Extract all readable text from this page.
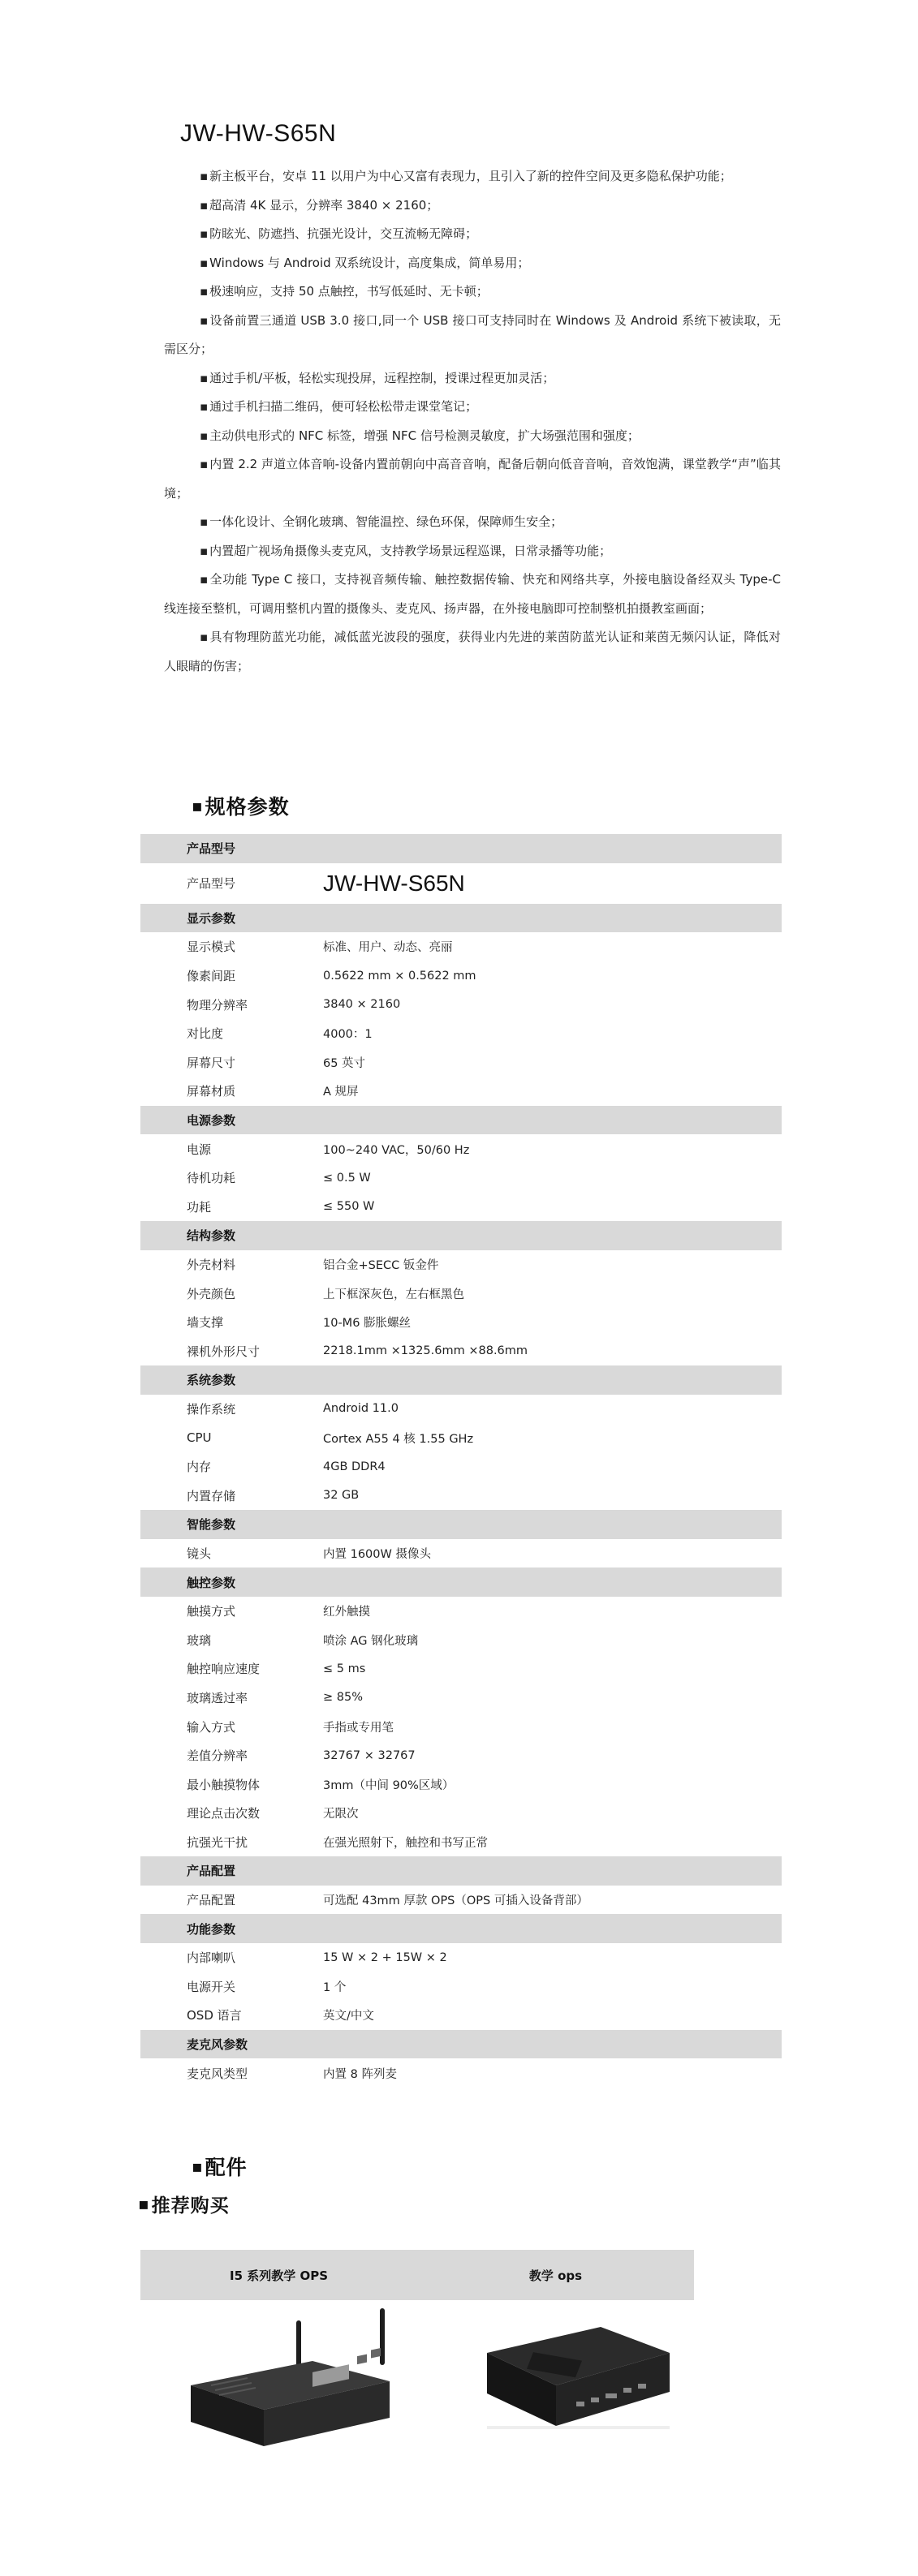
JW-HW-S65N

▪ 新主板平台，安卓 11 以用户为中心又富有表现力，且引入了新的控件空间及更多隐私保护功能；

▪ 超高清 4K 显示，分辨率 3840 × 2160；

▪ 防眩光、防遮挡、抗强光设计，交互流畅无障碍；

▪ Windows 与 Android 双系统设计，高度集成，简单易用；

▪ 极速响应，支持 50 点触控，书写低延时、无卡顿；

▪ 设备前置三通道 USB 3.0 接口,同一个 USB 接口可支持同时在 Windows 及 Android 系统下被读取，无需区分；

▪ 通过手机/平板，轻松实现投屏，远程控制，授课过程更加灵活；

▪ 通过手机扫描二维码，便可轻松松带走课堂笔记；

▪ 主动供电形式的 NFC 标签，增强 NFC 信号检测灵敏度，扩大场强范围和强度；

▪ 内置 2.2 声道立体音响-设备内置前朝向中高音音响，配备后朝向低音音响，音效饱满，课堂教学“声”临其境；

▪ 一体化设计、全钢化玻璃、智能温控、绿色环保，保障师生安全；

▪ 内置超广视场角摄像头麦克风，支持教学场景远程巡课，日常录播等功能；

▪ 全功能 Type C 接口，支持视音频传输、触控数据传输、快充和网络共享，外接电脑设备经双头 Type-C 线连接至整机，可调用整机内置的摄像头、麦克风、扬声器，在外接电脑即可控制整机拍摄教室画面；

▪ 具有物理防蓝光功能，减低蓝光波段的强度，获得业内先进的莱茵防蓝光认证和莱茵无频闪认证，降低对人眼睛的伤害；

▪规格参数
产品型号
产品型号	JW-HW-S65N
显示参数
显示模式	标准、用户、动态、亮丽
像素间距	0.5622 mm × 0.5622 mm
物理分辨率	3840 × 2160
对比度	4000：1
屏幕尺寸	65 英寸
屏幕材质	A 规屏
电源参数
电源	100~240 VAC，50/60 Hz
待机功耗	≤ 0.5 W
功耗	≤ 550 W
结构参数
外壳材料	铝合金+SECC 钣金件
外壳颜色	上下框深灰色，左右框黑色
墙支撑	10-M6 膨胀螺丝
裸机外形尺寸	2218.1mm ×1325.6mm ×88.6mm
系统参数
操作系统	Android 11.0
CPU	Cortex A55 4 核 1.55 GHz
内存	4GB DDR4
内置存储	32 GB
智能参数
镜头	内置 1600W 摄像头
触控参数
触摸方式	红外触摸
玻璃	喷涂 AG 钢化玻璃
触控响应速度	≤ 5 ms
玻璃透过率	≥ 85%
输入方式	手指或专用笔
差值分辨率	32767 × 32767
最小触摸物体	3mm（中间 90%区域）
理论点击次数	无限次
抗强光干扰	在强光照射下，触控和书写正常
产品配置
产品配置	可选配 43mm 厚款 OPS（OPS 可插入设备背部）
功能参数
内部喇叭	15 W × 2 + 15W × 2
电源开关	1 个
OSD 语言	英文/中文
麦克风参数
麦克风类型	内置 8 阵列麦
▪配件
▪推荐购买
I5 系列教学 OPS	教学 ops
